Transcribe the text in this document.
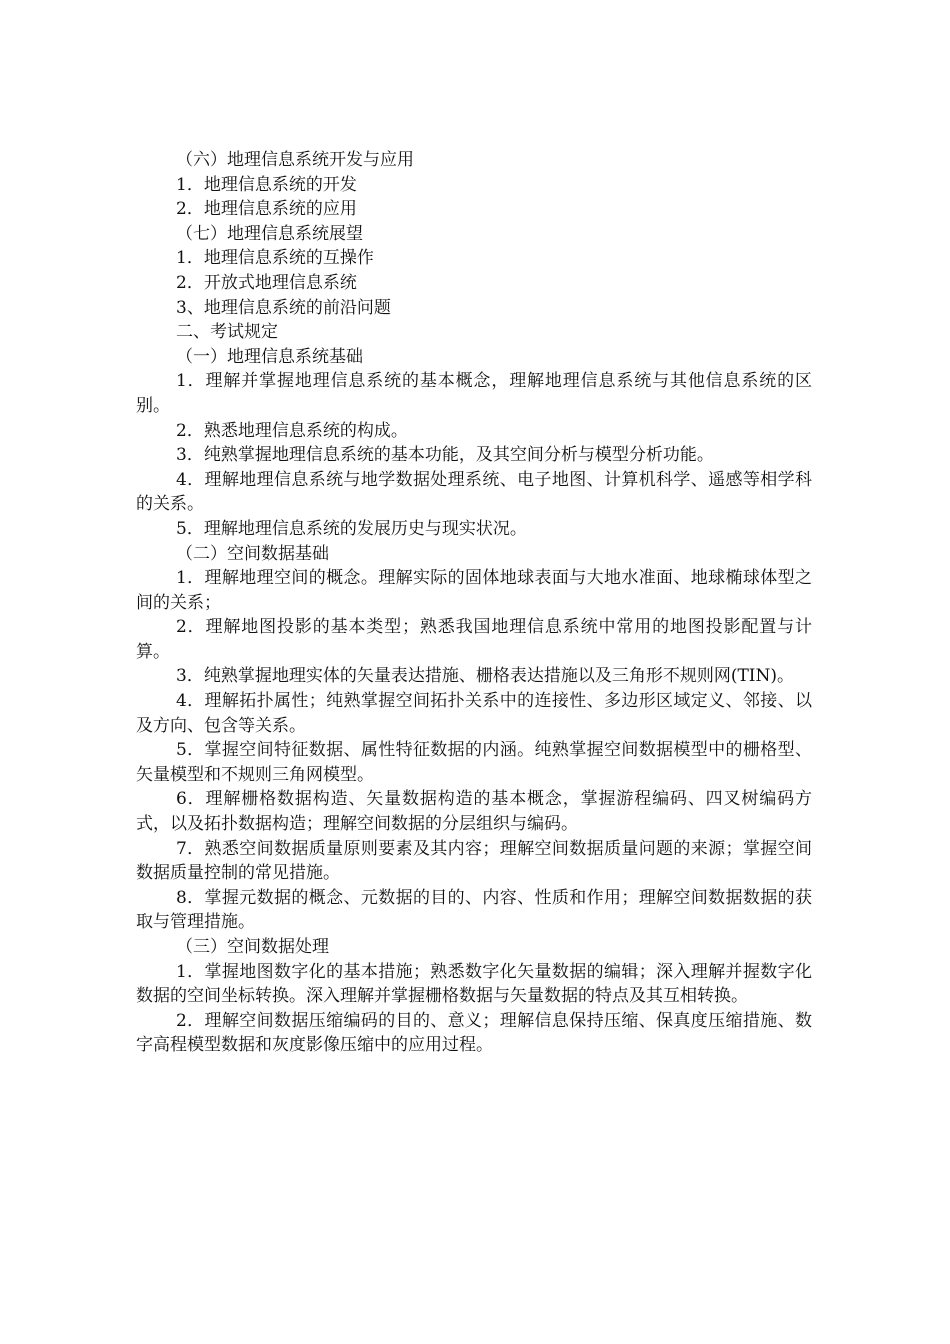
（六）地理信息系统开发与应用

1．地理信息系统的开发

2．地理信息系统的应用

（七）地理信息系统展望

1．地理信息系统的互操作

2．开放式地理信息系统

3、地理信息系统的前沿问题

二、考试规定

（一）地理信息系统基础

1．理解并掌握地理信息系统的基本概念，理解地理信息系统与其他信息系统的区别。

2．熟悉地理信息系统的构成。

3．纯熟掌握地理信息系统的基本功能，及其空间分析与模型分析功能。

4．理解地理信息系统与地学数据处理系统、电子地图、计算机科学、遥感等相学科的关系。

5．理解地理信息系统的发展历史与现实状况。

（二）空间数据基础

1．理解地理空间的概念。理解实际的固体地球表面与大地水准面、地球椭球体型之间的关系；

2．理解地图投影的基本类型；熟悉我国地理信息系统中常用的地图投影配置与计算。

3．纯熟掌握地理实体的矢量表达措施、栅格表达措施以及三角形不规则网(TIN)。

4．理解拓扑属性；纯熟掌握空间拓扑关系中的连接性、多边形区域定义、邻接、以及方向、包含等关系。

5．掌握空间特征数据、属性特征数据的内涵。纯熟掌握空间数据模型中的栅格型、矢量模型和不规则三角网模型。

6．理解栅格数据构造、矢量数据构造的基本概念，掌握游程编码、四叉树编码方式，以及拓扑数据构造；理解空间数据的分层组织与编码。

7．熟悉空间数据质量原则要素及其内容；理解空间数据质量问题的来源；掌握空间数据质量控制的常见措施。

8．掌握元数据的概念、元数据的目的、内容、性质和作用；理解空间数据数据的获取与管理措施。

（三）空间数据处理

1．掌握地图数字化的基本措施；熟悉数字化矢量数据的编辑；深入理解并握数字化数据的空间坐标转换。深入理解并掌握栅格数据与矢量数据的特点及其互相转换。

2．理解空间数据压缩编码的目的、意义；理解信息保持压缩、保真度压缩措施、数字高程模型数据和灰度影像压缩中的应用过程。
